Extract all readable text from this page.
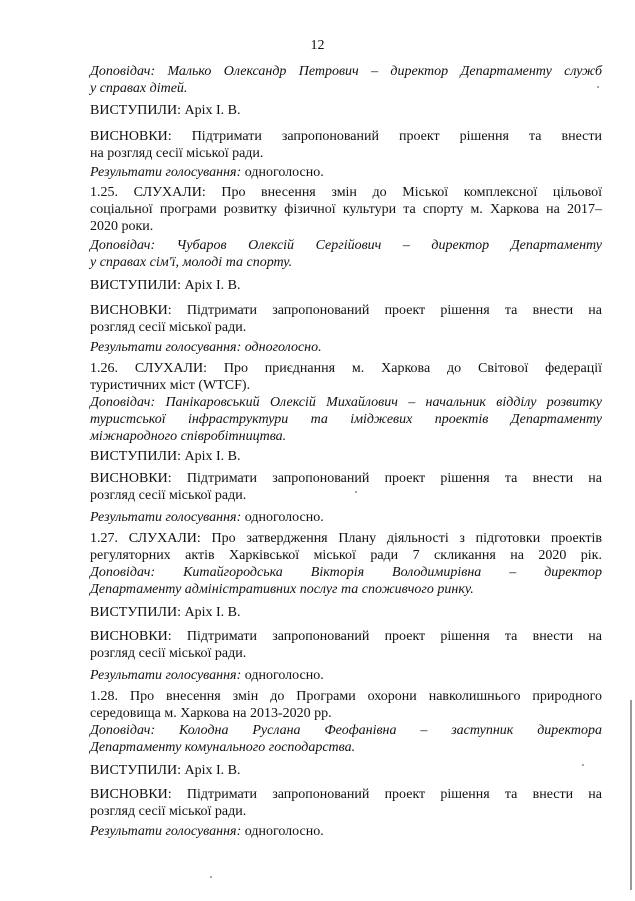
12
Доповідач: Малько Олександр Петрович – директор Департаменту служб
у справах дітей.
ВИСТУПИЛИ: Аріх І. В.
ВИСНОВКИ: Підтримати запропонований проект рішення та внести
на розгляд сесії міської ради.
Результати голосування: одноголосно.
1.25. СЛУХАЛИ: Про внесення змін до Міської комплексної цільової
соціальної програми розвитку фізичної культури та спорту м. Харкова на 2017–
2020 роки.
Доповідач: Чубаров Олексій Сергійович – директор Департаменту
у справах сім'ї, молоді та спорту.
ВИСТУПИЛИ: Аріх І. В.
ВИСНОВКИ: Підтримати запропонований проект рішення та внести на
розгляд сесії міської ради.
Результати голосування: одноголосно.
1.26. СЛУХАЛИ: Про приєднання м. Харкова до Світової федерації
туристичних міст (WTCF).
Доповідач: Панікаровський Олексій Михайлович – начальник відділу розвитку
туристської інфраструктури та іміджевих проектів Департаменту
міжнародного співробітництва.
ВИСТУПИЛИ: Аріх І. В.
ВИСНОВКИ: Підтримати запропонований проект рішення та внести на
розгляд сесії міської ради.
Результати голосування: одноголосно.
1.27. СЛУХАЛИ: Про затвердження Плану діяльності з підготовки проектів
регуляторних актів Харківської міської ради 7 скликання на 2020 рік.
Доповідач: Китайгородська Вікторія Володимирівна – директор
Департаменту адміністративних послуг та споживчого ринку.
ВИСТУПИЛИ: Аріх І. В.
ВИСНОВКИ: Підтримати запропонований проект рішення та внести на
розгляд сесії міської ради.
Результати голосування: одноголосно.
1.28. Про внесення змін до Програми охорони навколишнього природного
середовища м. Харкова на 2013-2020 рр.
Доповідач: Колодна Руслана Феофанівна – заступник директора
Департаменту комунального господарства.
ВИСТУПИЛИ: Аріх І. В.
ВИСНОВКИ: Підтримати запропонований проект рішення та внести на
розгляд сесії міської ради.
Результати голосування: одноголосно.
